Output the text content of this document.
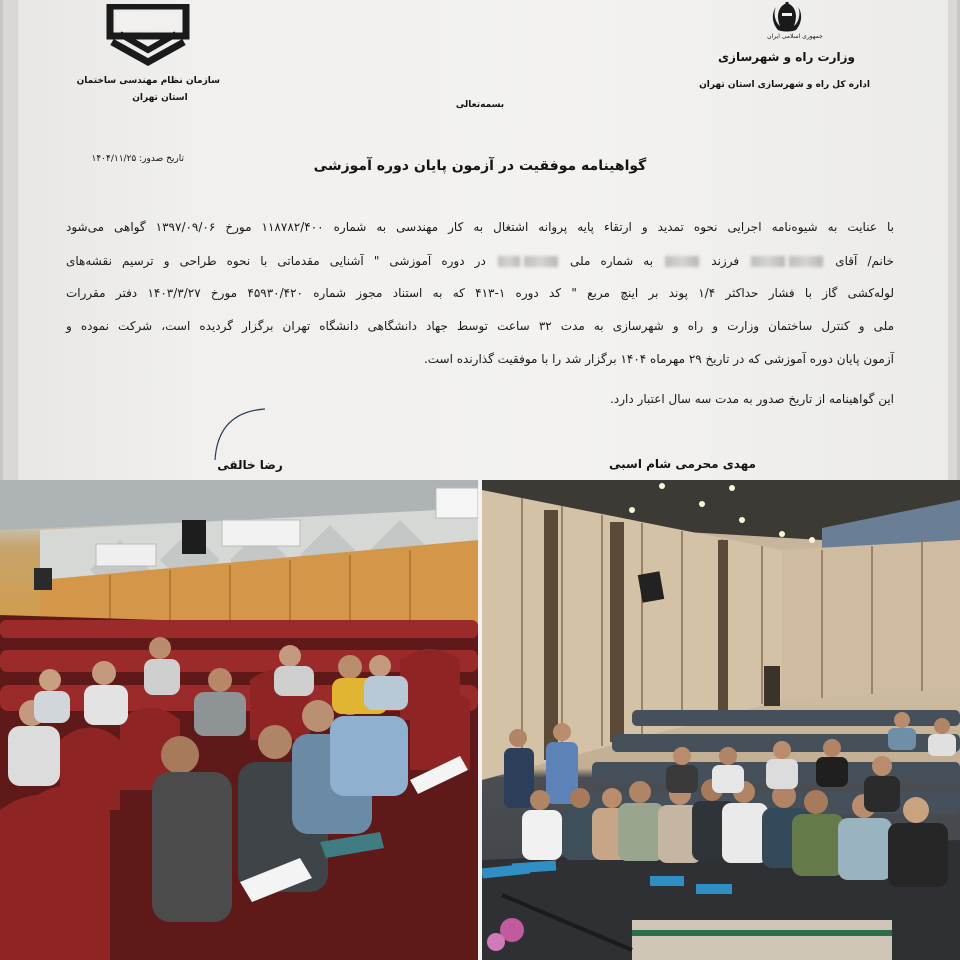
سازمان نظام مهندسی ساختمان
استان تهران
جمهوری اسلامی ایران
وزارت راه و شهرسازی
اداره کل راه و شهرسازی استان تهران
بسمه‌تعالی
تاریخ صدور: ۱۴۰۴/۱۱/۲۵	گواهینامه موفقیت در آزمون پایان دوره آموزشی
با عنایت به شیوه‌نامه اجرایی نحوه تمدید و ارتقاء پایه پروانه اشتغال به کار مهندسی به شماره ۱۱۸۷۸۲/۴۰۰ مورخ ۱۳۹۷/۰۹/۰۶ گواهی می‌شود
خانم/ آقای  فرزند  به شماره ملی  در دوره آموزشی " آشنایی مقدماتی با نحوه طراحی و ترسیم نقشه‌های
لوله‌کشی گاز با فشار حداکثر ۱/۴ پوند بر اینچ مربع " کد دوره ۱-۴۱۳ که به استناد مجوز شماره ۴۵۹۳۰/۴۲۰ مورخ ۱۴۰۳/۳/۲۷ دفتر مقررات
ملی و کنترل ساختمان وزارت و راه و شهرسازی به مدت ۳۲ ساعت توسط جهاد دانشگاهی دانشگاه تهران برگزار گردیده است، شرکت نموده و
آزمون پایان دوره آموزشی که در تاریخ ۲۹ مهرماه ۱۴۰۴ برگزار شد را با موفقیت گذارنده است.
این گواهینامه از تاریخ صدور به مدت سه سال اعتبار دارد.
رضا خالقی	مهدی محرمی شام اسبی
